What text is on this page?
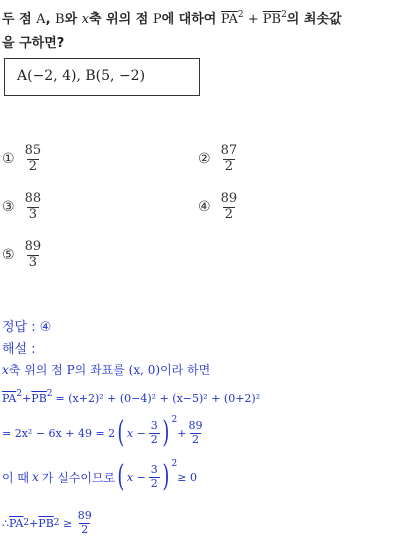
두 점 A, B와 x축 위의 점 P에 대하여 $\overline{PA}^2 + \overline{PB}^2$의 최솟값
을 구하면?
A(−2, 4), B(5, −2)
① $\frac{85}{2}$	② $\frac{87}{2}$
③ $\frac{88}{3}$	④ $\frac{89}{2}$
⑤ $\frac{89}{3}$
정답 : ④
해설 :
x축 위의 점 P의 좌표를 (x, 0)이라 하면
$\overline{PA}^2+\overline{PB}^2 = (x+2)^2 + (0-4)^2 + (x-5)^2 + (0+2)^2$
= 2x² − 6x + 49 = 2 ( $x - \frac{3}{2}$ ) 2
+ $\frac{89}{2}$
이 때 x 가 실수이므로 ( $x - \frac{3}{2}$ ) 2
≥ 0
∴ $\overline{PA}$ $2 + \overline{PB}$ $2 \ge \frac{89}{2}$
